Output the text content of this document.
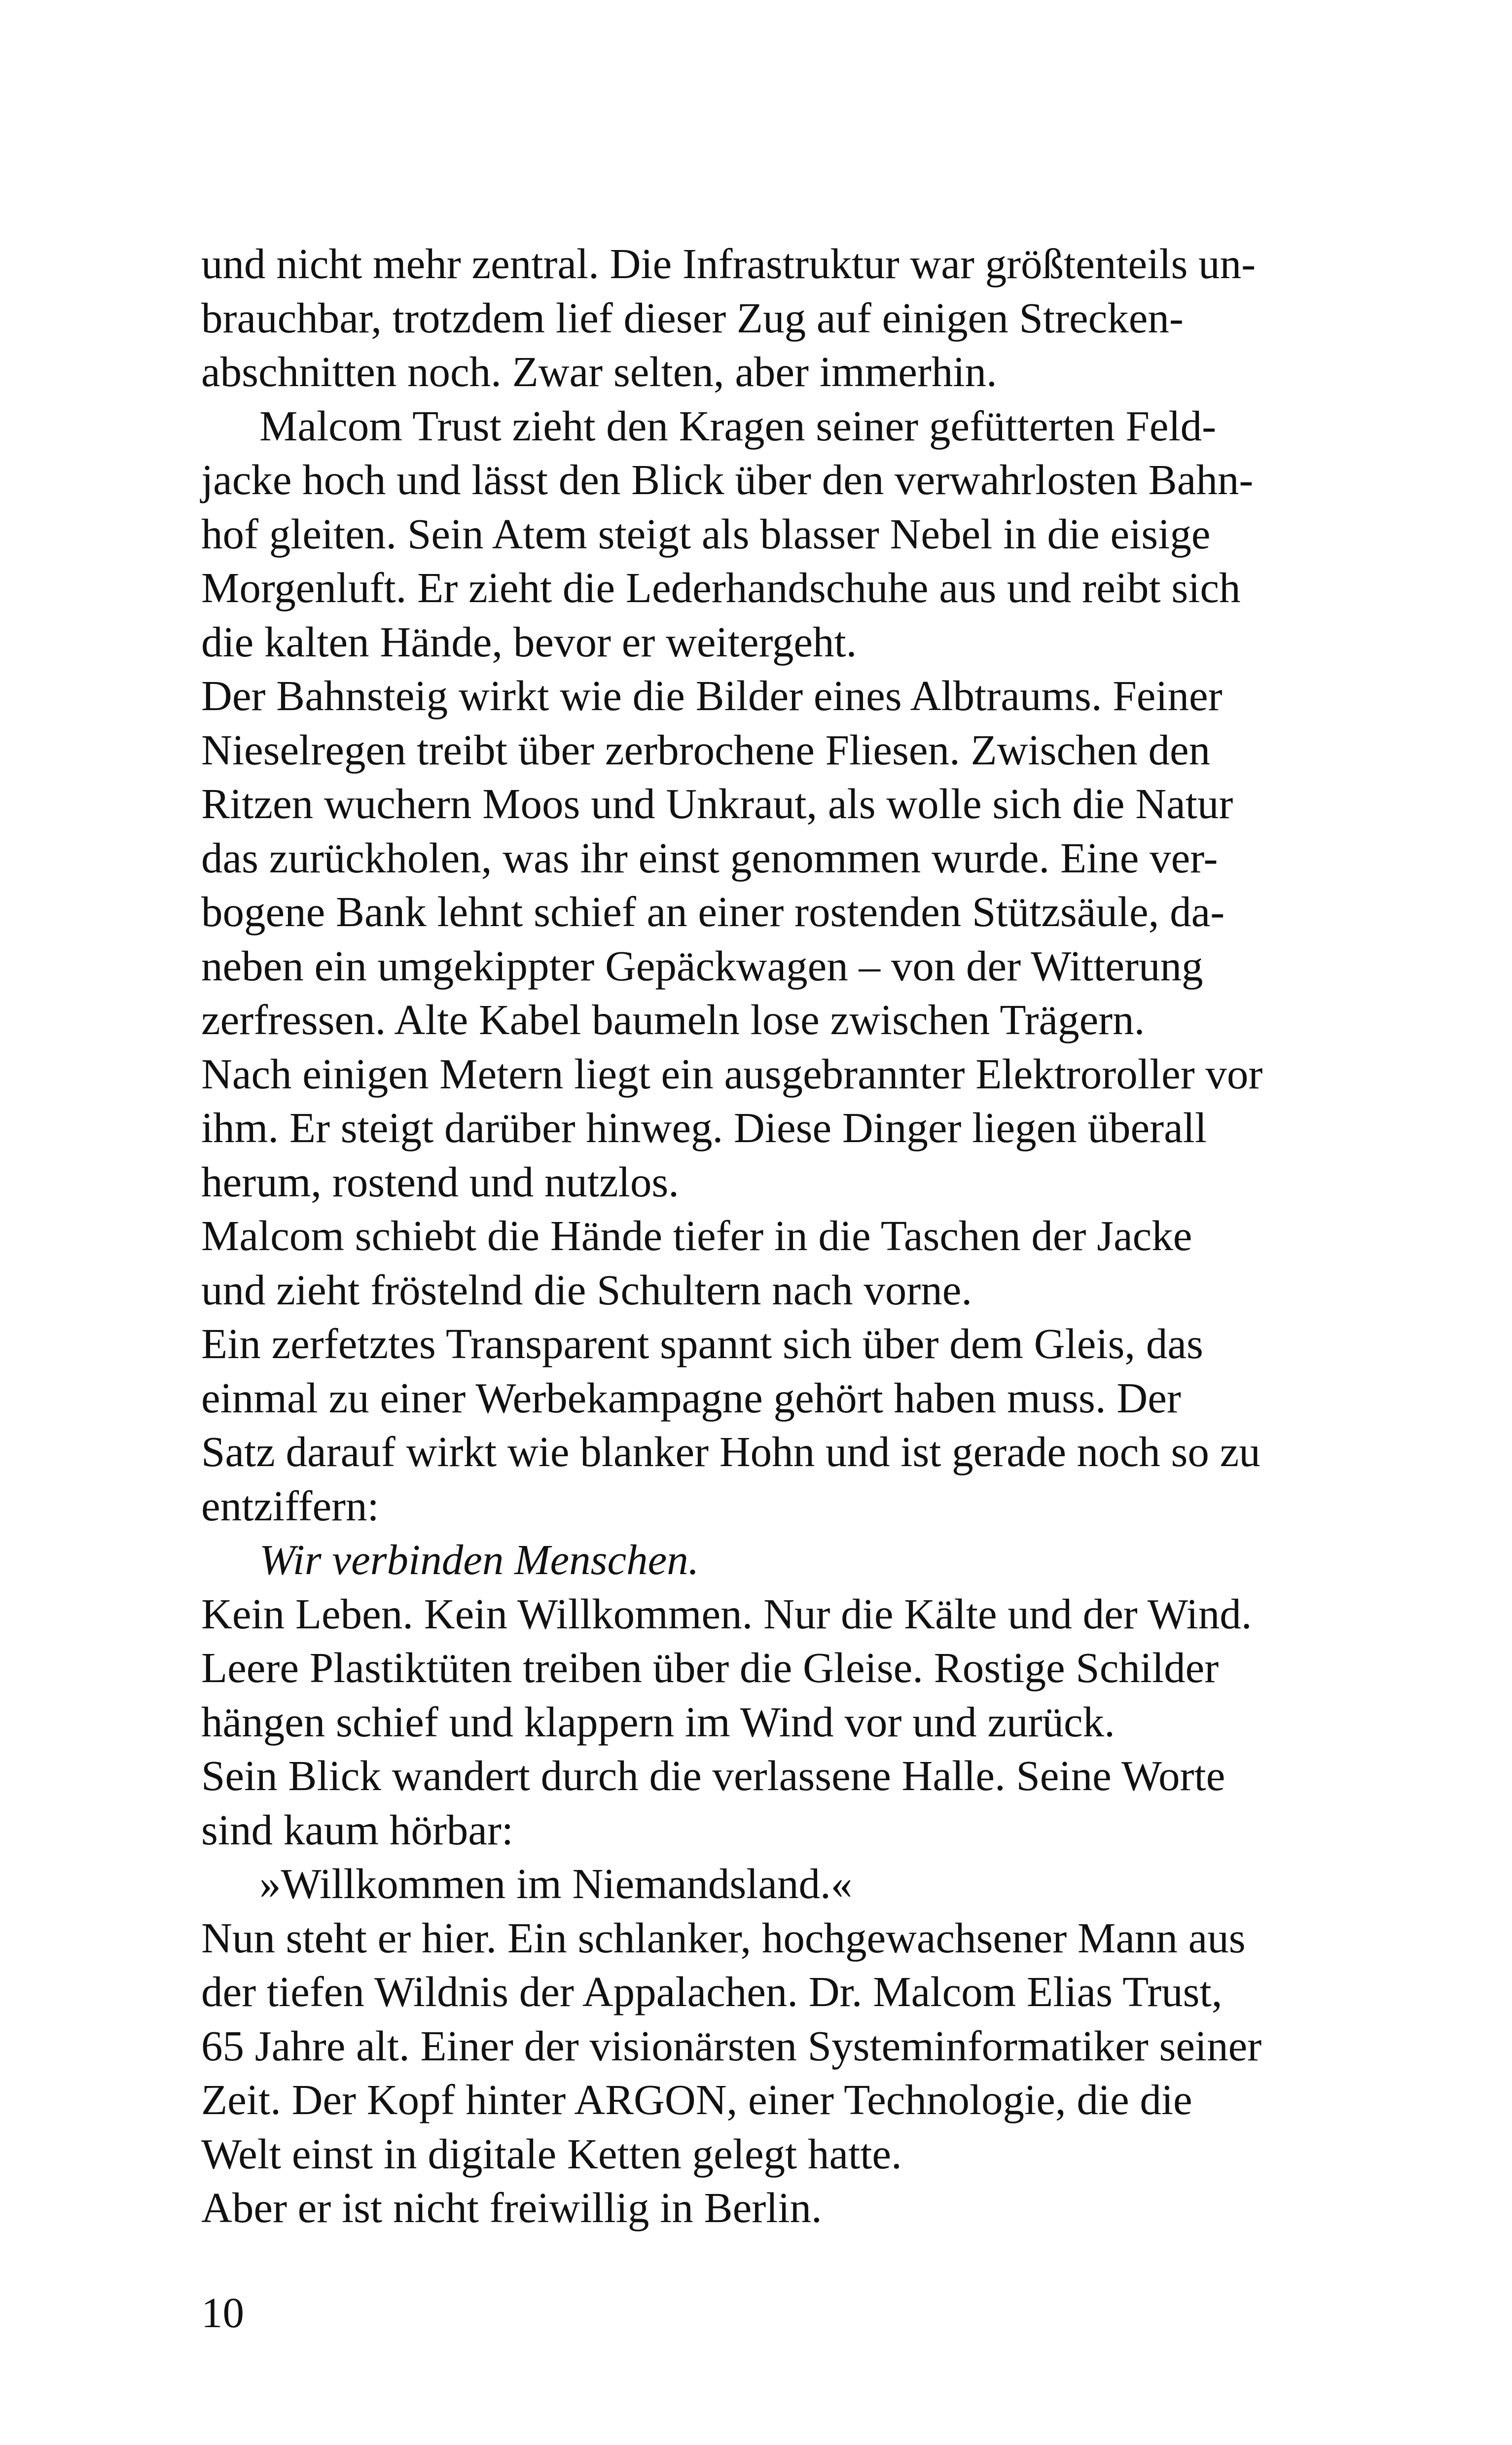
und nicht mehr zentral. Die Infrastruktur war größtenteils un-
brauchbar, trotzdem lief dieser Zug auf einigen Strecken-
abschnitten noch. Zwar selten, aber immerhin.
Malcom Trust zieht den Kragen seiner gefütterten Feld-
jacke hoch und lässt den Blick über den verwahrlosten Bahn-
hof gleiten. Sein Atem steigt als blasser Nebel in die eisige
Morgenluft. Er zieht die Lederhandschuhe aus und reibt sich
die kalten Hände, bevor er weitergeht.
Der Bahnsteig wirkt wie die Bilder eines Albtraums. Feiner
Nieselregen treibt über zerbrochene Fliesen. Zwischen den
Ritzen wuchern Moos und Unkraut, als wolle sich die Natur
das zurückholen, was ihr einst genommen wurde. Eine ver-
bogene Bank lehnt schief an einer rostenden Stützsäule, da-
neben ein umgekippter Gepäckwagen – von der Witterung
zerfressen. Alte Kabel baumeln lose zwischen Trägern.
Nach einigen Metern liegt ein ausgebrannter Elektroroller vor
ihm. Er steigt darüber hinweg. Diese Dinger liegen überall
herum, rostend und nutzlos.
Malcom schiebt die Hände tiefer in die Taschen der Jacke
und zieht fröstelnd die Schultern nach vorne.
Ein zerfetztes Transparent spannt sich über dem Gleis, das
einmal zu einer Werbekampagne gehört haben muss. Der
Satz darauf wirkt wie blanker Hohn und ist gerade noch so zu
entziffern:
Wir verbinden Menschen.
Kein Leben. Kein Willkommen. Nur die Kälte und der Wind.
Leere Plastiktüten treiben über die Gleise. Rostige Schilder
hängen schief und klappern im Wind vor und zurück.
Sein Blick wandert durch die verlassene Halle. Seine Worte
sind kaum hörbar:
»Willkommen im Niemandsland.«
Nun steht er hier. Ein schlanker, hochgewachsener Mann aus
der tiefen Wildnis der Appalachen. Dr. Malcom Elias Trust,
65 Jahre alt. Einer der visionärsten Systeminformatiker seiner
Zeit. Der Kopf hinter ARGON, einer Technologie, die die
Welt einst in digitale Ketten gelegt hatte.
Aber er ist nicht freiwillig in Berlin.
10
